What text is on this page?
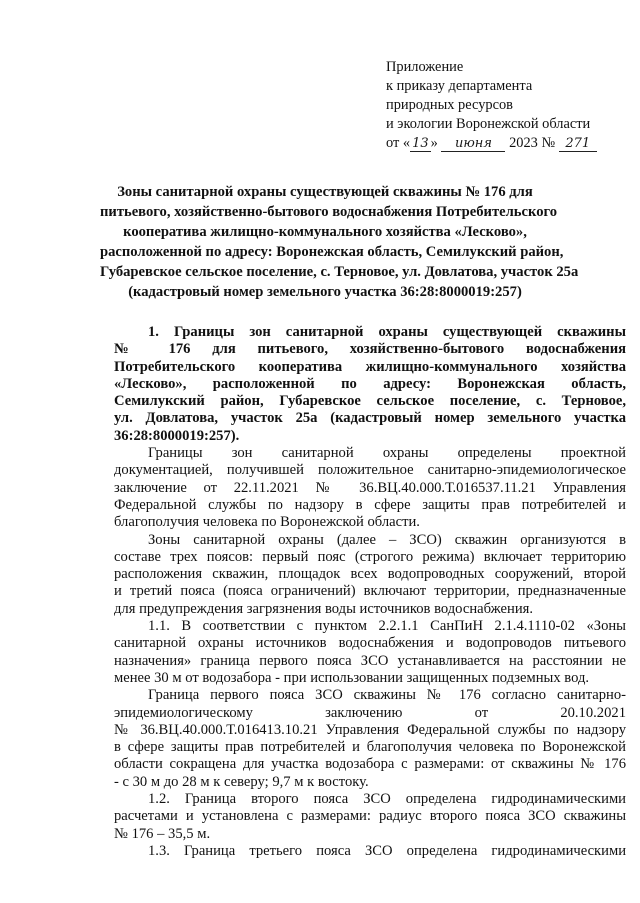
Приложение
к приказу департамента
природных ресурсов
и экологии Воронежской области
от « 13 » июня 2023 № 271
Зоны санитарной охраны существующей скважины № 176 для
питьевого, хозяйственно-бытового водоснабжения Потребительского
кооператива жилищно-коммунального хозяйства «Лесково»,
расположенной по адресу: Воронежская область, Семилукский район,
Губаревское сельское поселение, с. Терновое, ул. Довлатова, участок 25а
(кадастровый номер земельного участка 36:28:8000019:257)
1. Границы зон санитарной охраны существующей скважины
№ 176 для питьевого, хозяйственно-бытового водоснабжения
Потребительского кооператива жилищно-коммунального хозяйства
«Лесково», расположенной по адресу: Воронежская область,
Семилукский район, Губаревское сельское поселение, с. Терновое,
ул. Довлатова, участок 25а (кадастровый номер земельного участка
36:28:8000019:257).
Границы зон санитарной охраны определены проектной
документацией, получившей положительное санитарно-эпидемиологическое
заключение от 22.11.2021 № 36.ВЦ.40.000.Т.016537.11.21 Управления
Федеральной службы по надзору в сфере защиты прав потребителей и
благополучия человека по Воронежской области.
Зоны санитарной охраны (далее – ЗСО) скважин организуются в
составе трех поясов: первый пояс (строгого режима) включает территорию
расположения скважин, площадок всех водопроводных сооружений, второй
и третий пояса (пояса ограничений) включают территории, предназначенные
для предупреждения загрязнения воды источников водоснабжения.
1.1. В соответствии с пунктом 2.2.1.1 СанПиН 2.1.4.1110-02 «Зоны
санитарной охраны источников водоснабжения и водопроводов питьевого
назначения» граница первого пояса ЗСО устанавливается на расстоянии не
менее 30 м от водозабора - при использовании защищенных подземных вод.
Граница первого пояса ЗСО скважины № 176 согласно санитарно-
эпидемиологическому заключению от 20.10.2021
№ 36.ВЦ.40.000.Т.016413.10.21 Управления Федеральной службы по надзору
в сфере защиты прав потребителей и благополучия человека по Воронежской
области сокращена для участка водозабора с размерами: от скважины № 176
- с 30 м до 28 м к северу; 9,7 м к востоку.
1.2. Граница второго пояса ЗСО определена гидродинамическими
расчетами и установлена с размерами: радиус второго пояса ЗСО скважины
№ 176 – 35,5 м.
1.3. Граница третьего пояса ЗСО определена гидродинамическими
